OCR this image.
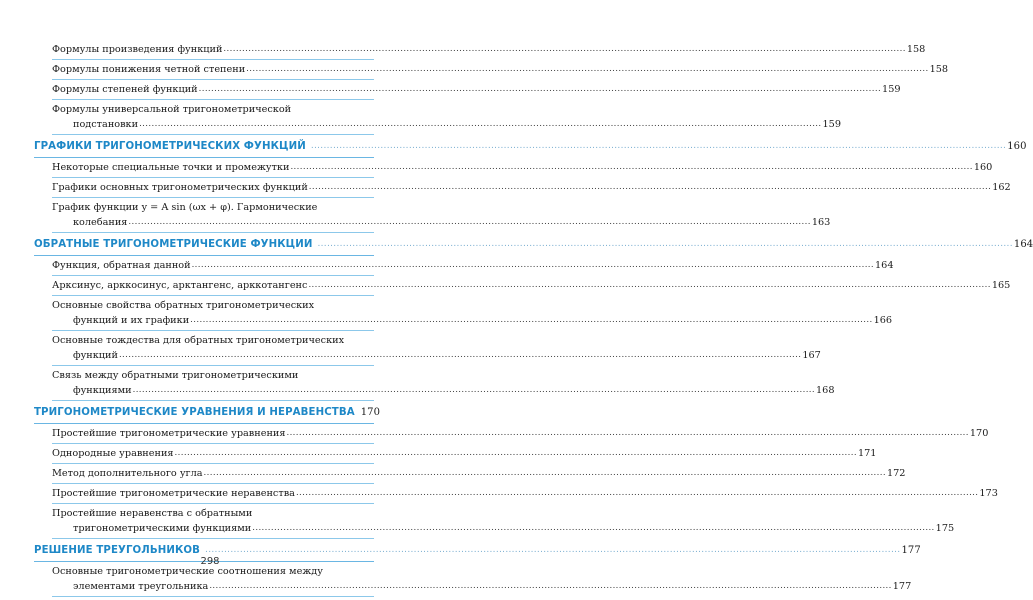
Формулы произведения функций ............................................................................................................................................................................................................................ 158
Формулы понижения четной степени ............................................................................................................................................................................................................................ 158
Формулы степеней функций ............................................................................................................................................................................................................................ 159
Формулы универсальной тригонометрической
подстановки ............................................................................................................................................................................................................................ 159
ГРАФИКИ ТРИГОНОМЕТРИЧЕСКИХ ФУНКЦИЙ ............................................................................................................................................................................................................................ 160
Некоторые специальные точки и промежутки ............................................................................................................................................................................................................................ 160
Графики основных тригонометрических функций ............................................................................................................................................................................................................................ 162
График функции y = A sin (ωx + φ). Гармонические
колебания ............................................................................................................................................................................................................................ 163
ОБРАТНЫЕ ТРИГОНОМЕТРИЧЕСКИЕ ФУНКЦИИ ............................................................................................................................................................................................................................ 164
Функция, обратная данной ............................................................................................................................................................................................................................ 164
Арксинус, арккосинус, арктангенс, арккотангенс ............................................................................................................................................................................................................................ 165
Основные свойства обратных тригонометрических
функций и их графики ............................................................................................................................................................................................................................ 166
Основные тождества для обратных тригонометрических
функций ............................................................................................................................................................................................................................ 167
Связь между обратными тригонометрическими
функциями ............................................................................................................................................................................................................................ 168
ТРИГОНОМЕТРИЧЕСКИЕ УРАВНЕНИЯ И НЕРАВЕНСТВА 170
Простейшие тригонометрические уравнения ............................................................................................................................................................................................................................ 170
Однородные уравнения ............................................................................................................................................................................................................................ 171
Метод дополнительного угла ............................................................................................................................................................................................................................ 172
Простейшие тригонометрические неравенства ............................................................................................................................................................................................................................ 173
Простейшие неравенства с обратными
тригонометрическими функциями ............................................................................................................................................................................................................................ 175
РЕШЕНИЕ ТРЕУГОЛЬНИКОВ ............................................................................................................................................................................................................................ 177
Основные тригонометрические соотношения между
элементами треугольника ............................................................................................................................................................................................................................ 177
298
